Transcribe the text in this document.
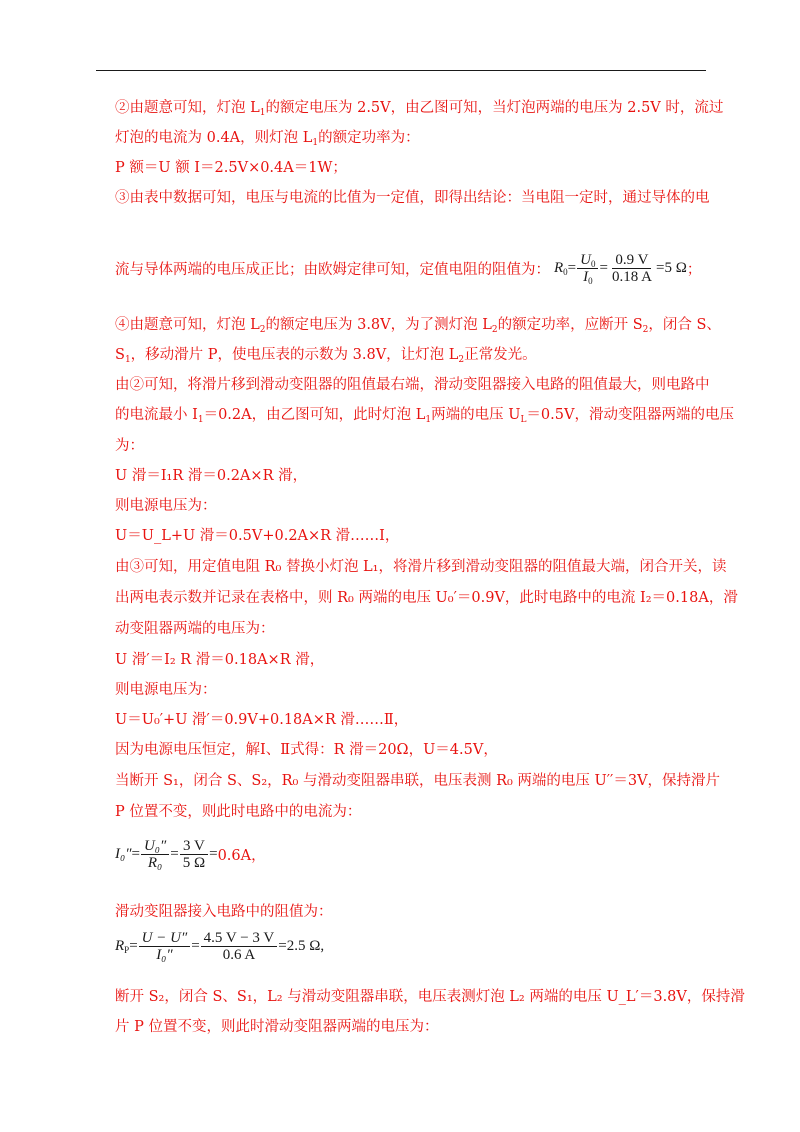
②由题意可知，灯泡 $L_1$的额定电压为 2.5V，由乙图可知，当灯泡两端的电压为 2.5V 时，流过
灯泡的电流为 0.4A，则灯泡 $L_1$的额定功率为：
P 额＝U 额 I＝2.5V×0.4A＝1W；
③由表中数据可知，电压与电流的比值为一定值，即得出结论：当电阻一定时，通过导体的电
流与导体两端的电压成正比；由欧姆定律可知，定值电阻的阻值为： $R_0= \frac{U_0}{I_0} = \frac{0.9 V}{0.18 A} =5$ Ω ；
④由题意可知，灯泡 $L_2$的额定电压为 3.8V，为了测灯泡 $L_2$的额定功率，应断开 $S_2$，闭合 S、
$S_1$，移动滑片 P，使电压表的示数为 3.8V，让灯泡 $L_2$正常发光。
由②可知，将滑片移到滑动变阻器的阻值最右端，滑动变阻器接入电路的阻值最大，则电路中
的电流最小 $I_1=0.2A$，由乙图可知，此时灯泡 $L_1$两端的电压 $U_L=0.5V$，滑动变阻器两端的电压
为：
U 滑＝I₁R 滑＝0.2A×R 滑，
则电源电压为：
U＝U_L+U 滑＝0.5V+0.2A×R 滑……Ⅰ，
由③可知，用定值电阻 R₀ 替换小灯泡 L₁，将滑片移到滑动变阻器的阻值最大端，闭合开关，读
出两电表示数并记录在表格中，则 R₀ 两端的电压 U₀′＝0.9V，此时电路中的电流 I₂＝0.18A，滑
动变阻器两端的电压为：
U 滑′＝I₂ R 滑＝0.18A×R 滑，
则电源电压为：
U＝U₀′+U 滑′＝0.9V+0.18A×R 滑……Ⅱ，
因为电源电压恒定，解Ⅰ、Ⅱ式得：R 滑＝20Ω，U＝4.5V，
当断开 S₁，闭合 S、S₂，R₀ 与滑动变阻器串联，电压表测 R₀ 两端的电压 U′′＝3V，保持滑片
P 位置不变，则此时电路中的电流为：
$I_0''= \frac{\text{U₀″}}{\text{R₀}} = \frac{3 V}{5 \Omega} = 0.6A$，
滑动变阻器接入电路中的阻值为：
$R_P= \frac{U - U''}{\text{I₀″}} = \frac{4.5 V - 3 V}{0.6 A} =2.5$ Ω,
断开 S₂，闭合 S、S₁，L₂ 与滑动变阻器串联，电压表测灯泡 L₂ 两端的电压 U_L′＝3.8V，保持滑
片 P 位置不变，则此时滑动变阻器两端的电压为：
